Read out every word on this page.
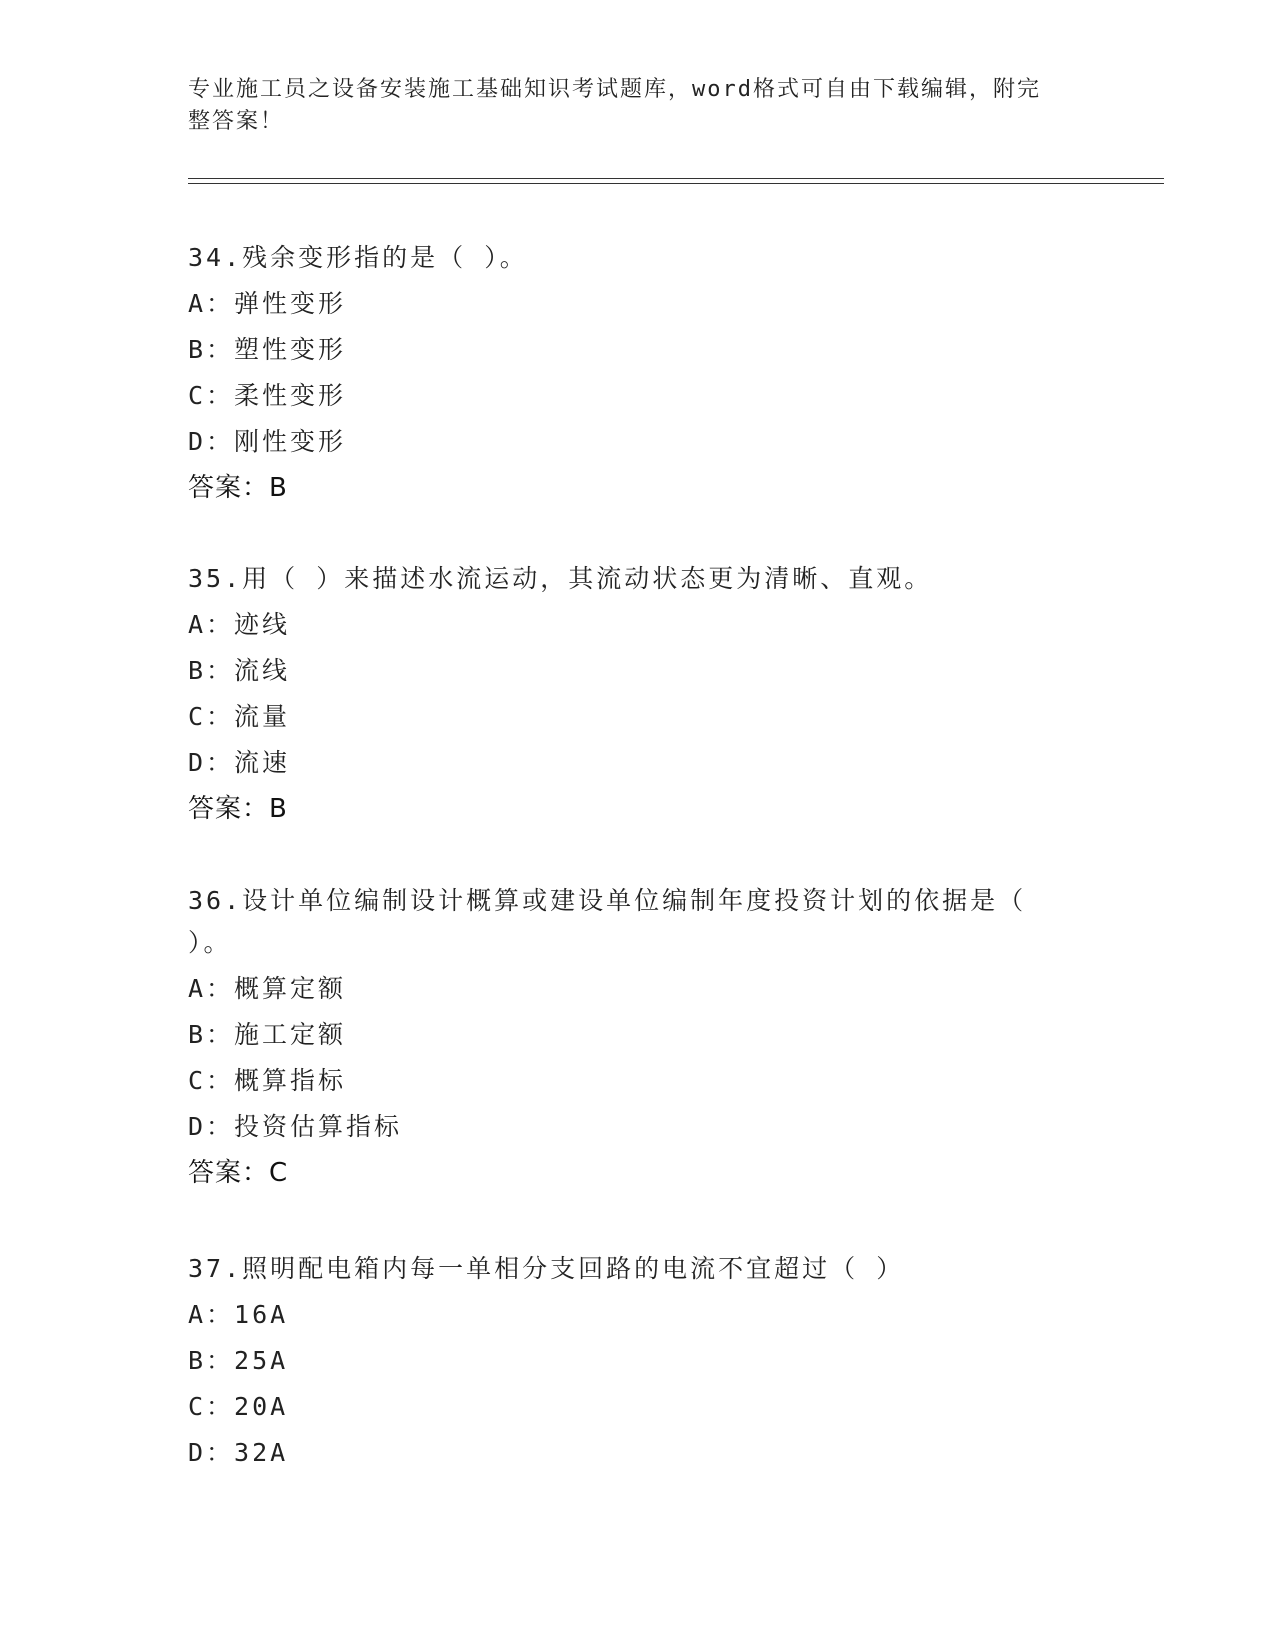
专业施工员之设备安装施工基础知识考试题库，word格式可自由下载编辑，附完
整答案！
34.残余变形指的是（ ）。
A：弹性变形
B：塑性变形
C：柔性变形
D：刚性变形
答案：B
35.用（ ）来描述水流运动，其流动状态更为清晰、直观。
A：迹线
B：流线
C：流量
D：流速
答案：B
36.设计单位编制设计概算或建设单位编制年度投资计划的依据是（
）。
A：概算定额
B：施工定额
C：概算指标
D：投资估算指标
答案：C
37.照明配电箱内每一单相分支回路的电流不宜超过（ ）
A：16A
B：25A
C：20A
D：32A
